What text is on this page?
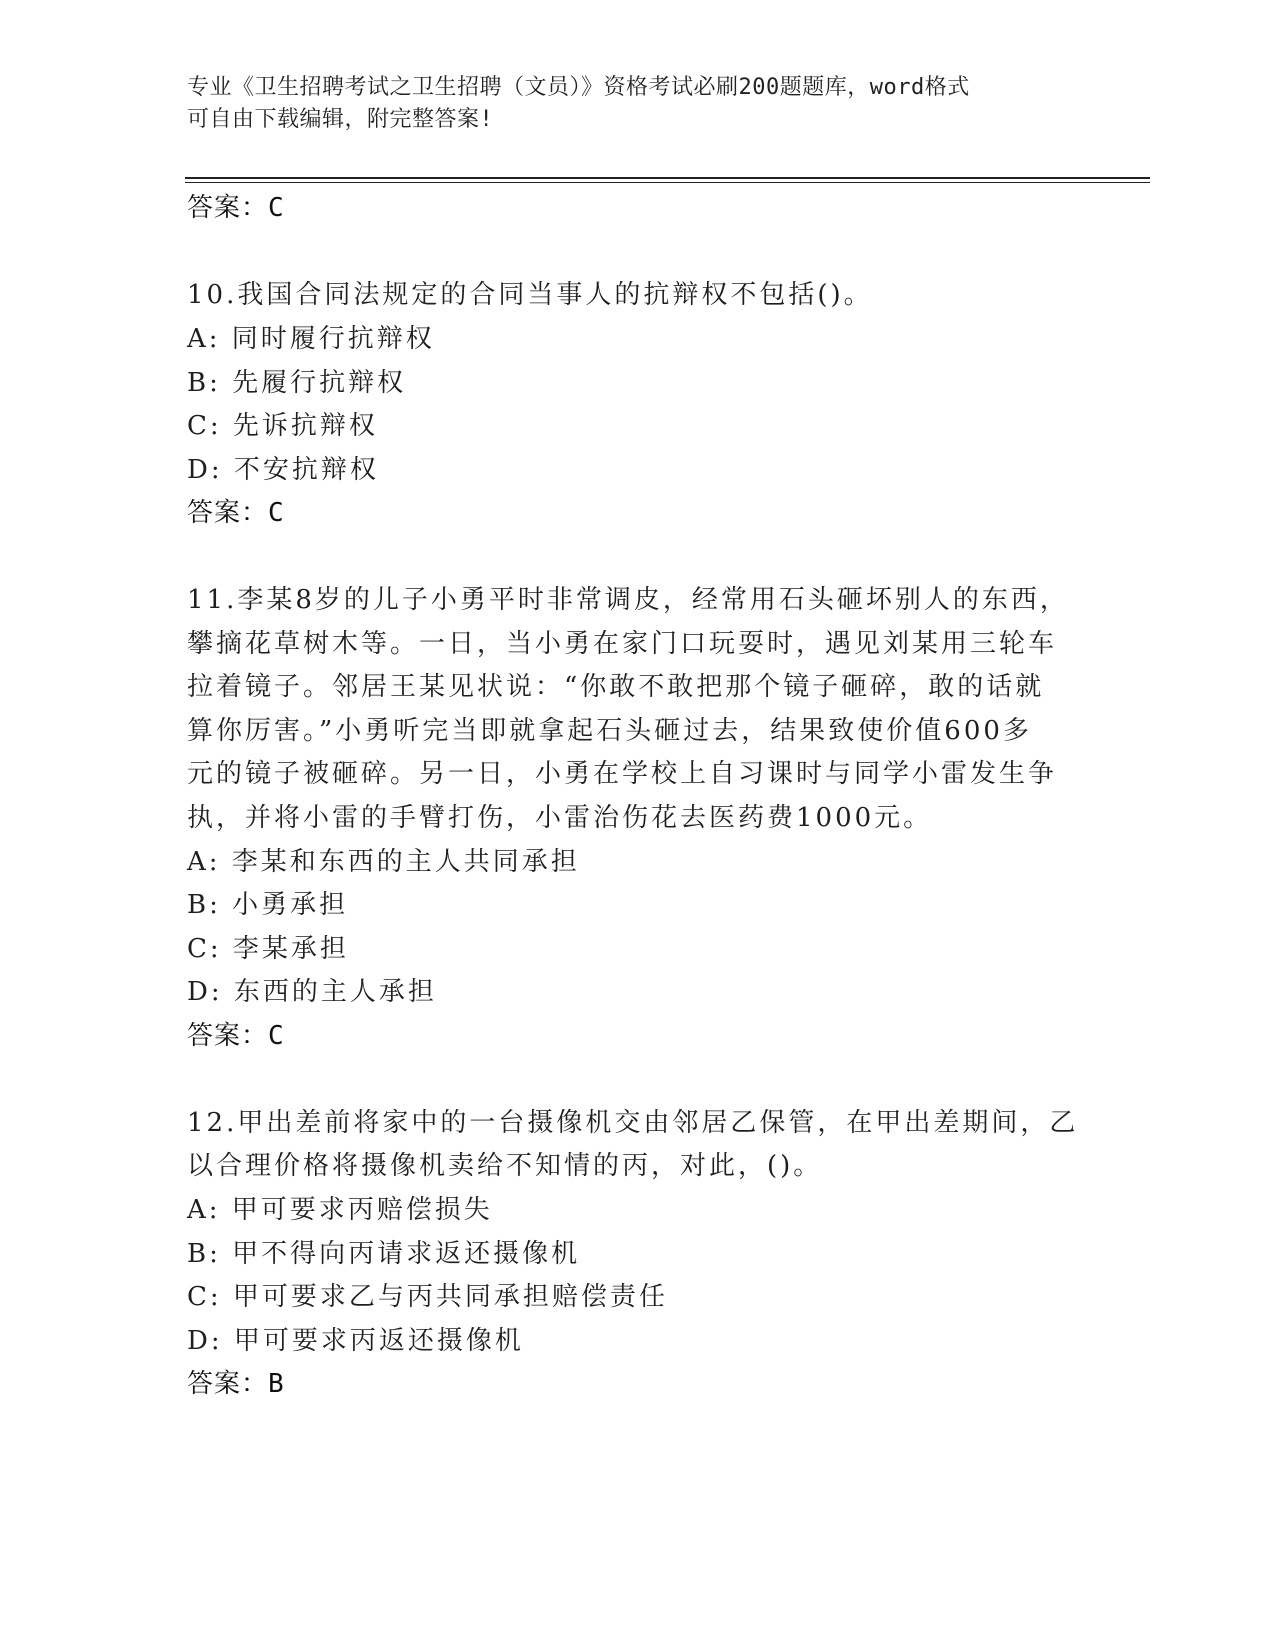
专业《卫生招聘考试之卫生招聘（文员）》资格考试必刷200题题库，word格式
可自由下载编辑，附完整答案!
答案：C
10.我国合同法规定的合同当事人的抗辩权不包括()。
A: 同时履行抗辩权
B: 先履行抗辩权
C: 先诉抗辩权
D: 不安抗辩权
答案：C
11.李某8岁的儿子小勇平时非常调皮，经常用石头砸坏别人的东西，
攀摘花草树木等。一日，当小勇在家门口玩耍时，遇见刘某用三轮车
拉着镜子。邻居王某见状说：“你敢不敢把那个镜子砸碎，敢的话就
算你厉害。”小勇听完当即就拿起石头砸过去，结果致使价值600多
元的镜子被砸碎。另一日，小勇在学校上自习课时与同学小雷发生争
执，并将小雷的手臂打伤，小雷治伤花去医药费1000元。
A: 李某和东西的主人共同承担
B: 小勇承担
C: 李某承担
D: 东西的主人承担
答案：C
12.甲出差前将家中的一台摄像机交由邻居乙保管，在甲出差期间，乙
以合理价格将摄像机卖给不知情的丙，对此，()。
A: 甲可要求丙赔偿损失
B: 甲不得向丙请求返还摄像机
C: 甲可要求乙与丙共同承担赔偿责任
D: 甲可要求丙返还摄像机
答案：B
